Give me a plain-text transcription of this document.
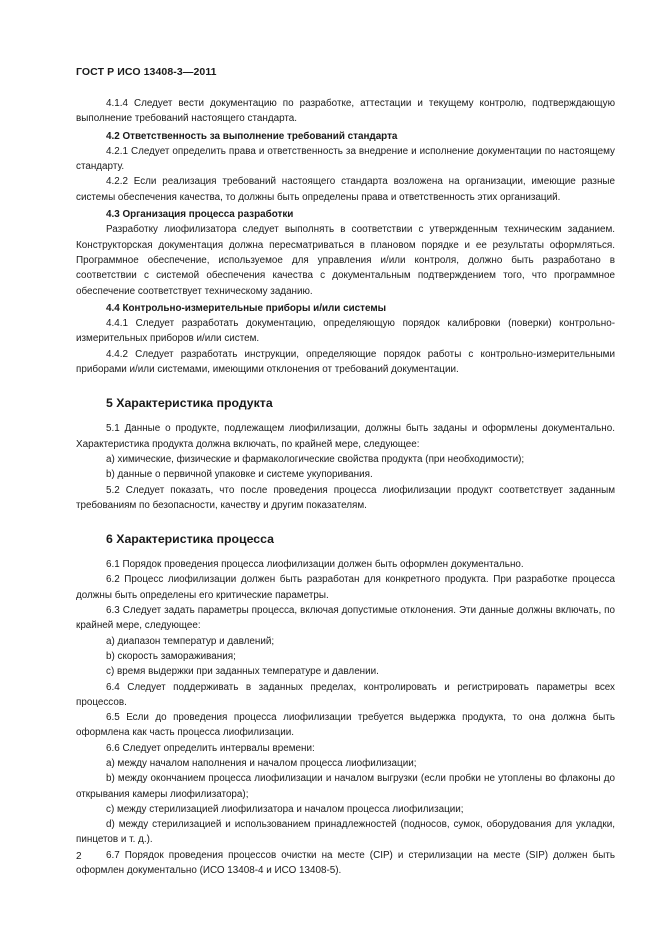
ГОСТ Р ИСО 13408-3—2011

4.1.4 Следует вести документацию по разработке, аттестации и текущему контролю, подтверждающую выполнение требований настоящего стандарта.

4.2 Ответственность за выполнение требований стандарта

4.2.1 Следует определить права и ответственность за внедрение и исполнение документации по настоящему стандарту.

4.2.2 Если реализация требований настоящего стандарта возложена на организации, имеющие разные системы обеспечения качества, то должны быть определены права и ответственность этих организаций.

4.3 Организация процесса разработки

Разработку лиофилизатора следует выполнять в соответствии с утвержденным техническим заданием. Конструкторская документация должна пересматриваться в плановом порядке и ее результаты оформляться. Программное обеспечение, используемое для управления и/или контроля, должно быть разработано в соответствии с системой обеспечения качества с документальным подтверждением того, что программное обеспечение соответствует техническому заданию.

4.4 Контрольно-измерительные приборы и/или системы

4.4.1 Следует разработать документацию, определяющую порядок калибровки (поверки) контрольно-измерительных приборов и/или систем.

4.4.2 Следует разработать инструкции, определяющие порядок работы с контрольно-измерительными приборами и/или системами, имеющими отклонения от требований документации.

5 Характеристика продукта

5.1 Данные о продукте, подлежащем лиофилизации, должны быть заданы и оформлены документально. Характеристика продукта должна включать, по крайней мере, следующее:

a) химические, физические и фармакологические свойства продукта (при необходимости);

b) данные о первичной упаковке и системе укупоривания.

5.2 Следует показать, что после проведения процесса лиофилизации продукт соответствует заданным требованиям по безопасности, качеству и другим показателям.

6 Характеристика процесса

6.1 Порядок проведения процесса лиофилизации должен быть оформлен документально.

6.2 Процесс лиофилизации должен быть разработан для конкретного продукта. При разработке процесса должны быть определены его критические параметры.

6.3 Следует задать параметры процесса, включая допустимые отклонения. Эти данные должны включать, по крайней мере, следующее:

a) диапазон температур и давлений;

b) скорость замораживания;

c) время выдержки при заданных температуре и давлении.

6.4 Следует поддерживать в заданных пределах, контролировать и регистрировать параметры всех процессов.

6.5 Если до проведения процесса лиофилизации требуется выдержка продукта, то она должна быть оформлена как часть процесса лиофилизации.

6.6 Следует определить интервалы времени:

a) между началом наполнения и началом процесса лиофилизации;

b) между окончанием процесса лиофилизации и началом выгрузки (если пробки не утоплены во флаконы до открывания камеры лиофилизатора);

c) между стерилизацией лиофилизатора и началом процесса лиофилизации;

d) между стерилизацией и использованием принадлежностей (подносов, сумок, оборудования для укладки, пинцетов и т. д.).

6.7 Порядок проведения процессов очистки на месте (CIP) и стерилизации на месте (SIP) должен быть оформлен документально (ИСО 13408-4 и ИСО 13408-5).

2
